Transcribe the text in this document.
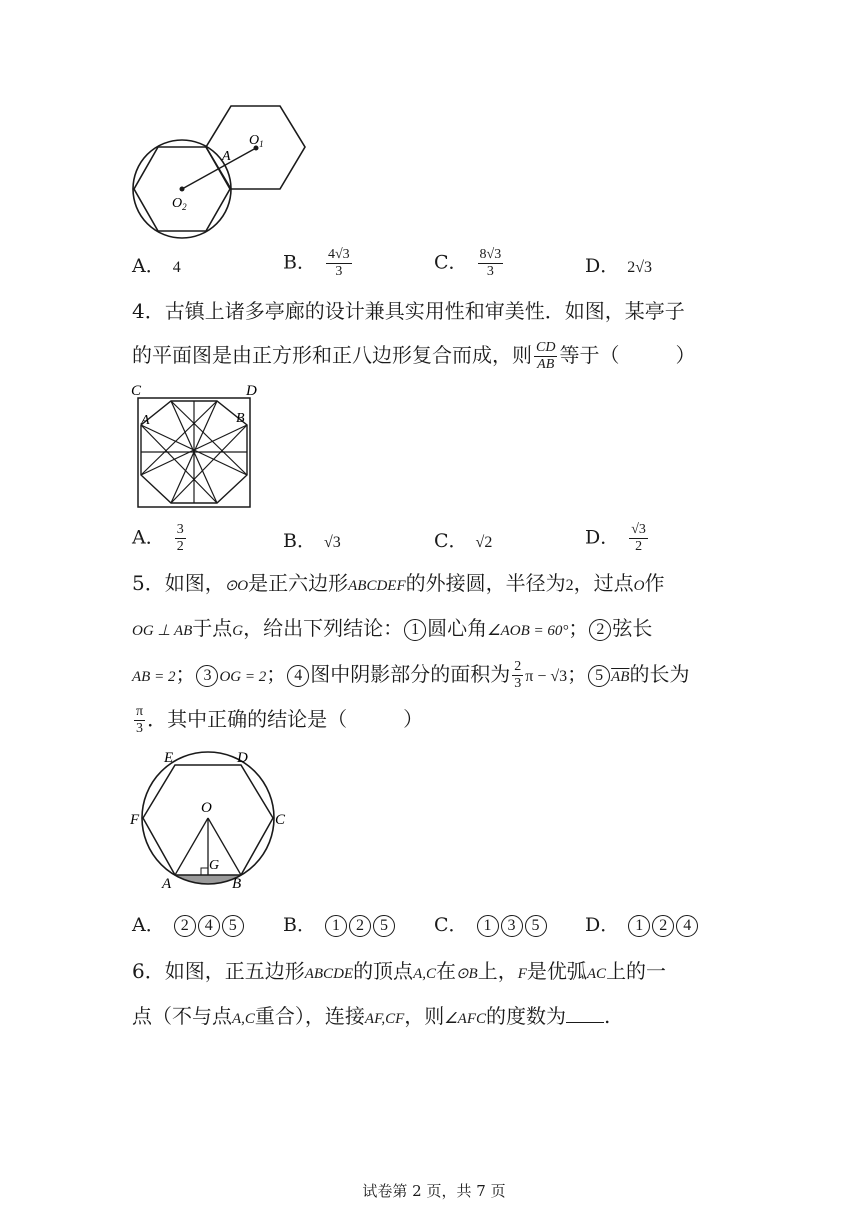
$O_1$
A
$O_2$
A． 4	B． $\frac{4√3}{3}$	C． $\frac{8√3}{3}$	D． 2√3
4．古镇上诸多亭廊的设计兼具实用性和审美性．如图，某亭子
的平面图是由正方形和正八边形复合而成，则 $\frac{CD}{AB}$ 等于（	）
C	D
A	B
A． $\frac{3}{2}$	B． √3	C． √2	D． $\frac{√3}{2}$
5．如图，⊙O是正六边形ABCDEF的外接圆，半径为2，过点O作
OG ⊥ AB于点G，给出下列结论： 1 圆心角∠AOB = 60°； 2 弦长
AB = 2； 3 OG = 2； 4 图中阴影部分的面积为 $\frac{2}{3}$ π − √3； 5 $\overline{AB}$的长为
$\frac{\pi}{3}$ ．其中正确的结论是（	）
E	D
O
F	C
G
A	B
A． 2 4 5	B． 1 2 5	C． 1 3 5	D． 1 2 4
6．如图，正五边形ABCDE的顶点A,C在⊙B上，F是优弧AC上的一
点（不与点A,C重合），连接AF,CF，则∠AFC的度数为 .
试卷第 2 页，共 7 页
